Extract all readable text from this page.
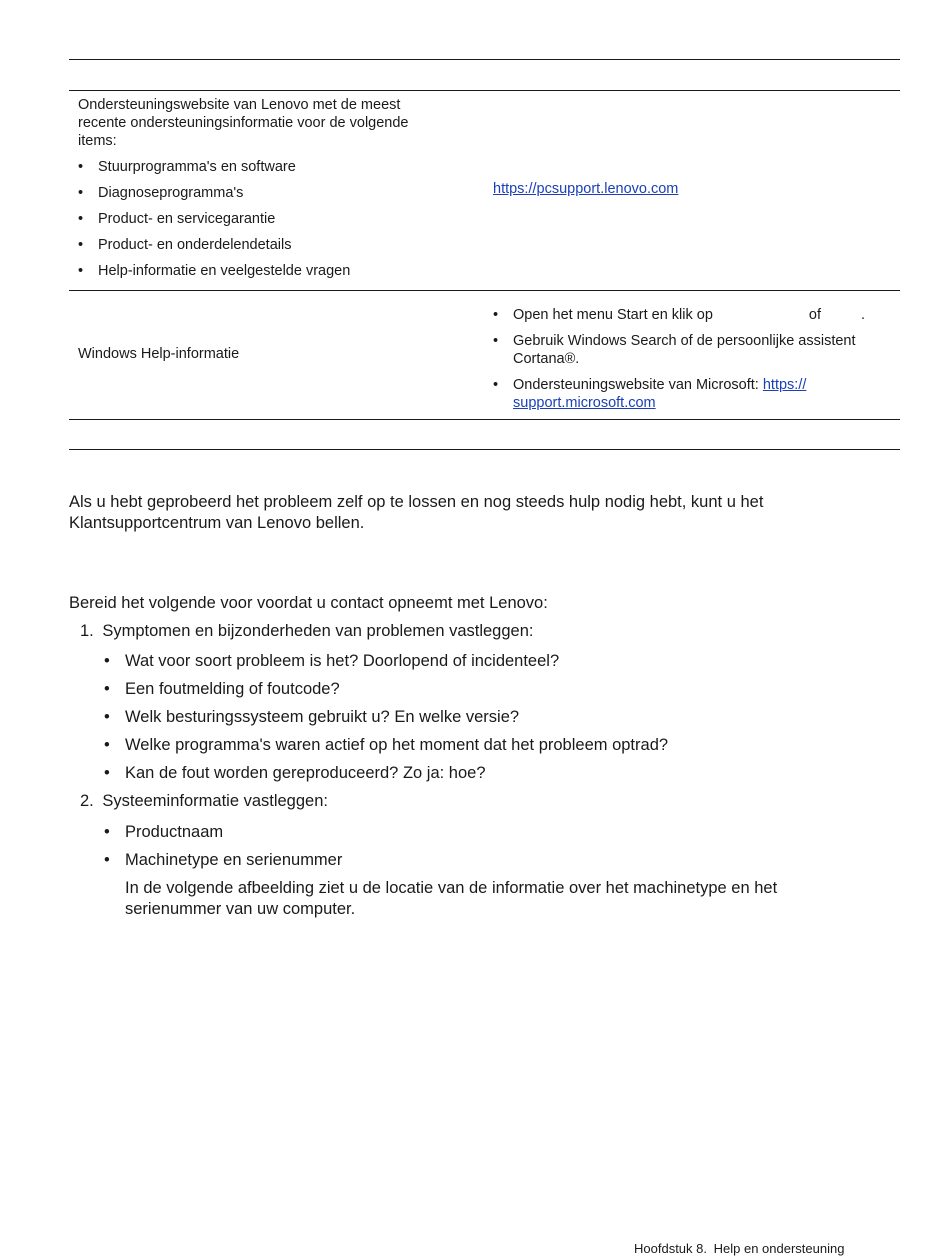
Ondersteuningswebsite van Lenovo met de meest recente ondersteuningsinformatie voor de volgende items:
• Stuurprogramma's en software
• Diagnoseprogramma's
• Product- en servicegarantie
• Product- en onderdelendetails
• Help-informatie en veelgestelde vragen
https://pcsupport.lenovo.com
Windows Help-informatie
• Open het menu Start en klik op	of	.
• Gebruik Windows Search of de persoonlijke assistent Cortana®.
• Ondersteuningswebsite van Microsoft: https://
support.microsoft.com
Als u hebt geprobeerd het probleem zelf op te lossen en nog steeds hulp nodig hebt, kunt u het Klantsupportcentrum van Lenovo bellen.
Bereid het volgende voor voordat u contact opneemt met Lenovo:
1. Symptomen en bijzonderheden van problemen vastleggen:
• Wat voor soort probleem is het? Doorlopend of incidenteel?
• Een foutmelding of foutcode?
• Welk besturingssysteem gebruikt u? En welke versie?
• Welke programma's waren actief op het moment dat het probleem optrad?
• Kan de fout worden gereproduceerd? Zo ja: hoe?
2. Systeeminformatie vastleggen:
• Productnaam
• Machinetype en serienummer
In de volgende afbeelding ziet u de locatie van de informatie over het machinetype en het serienummer van uw computer.
Hoofdstuk 8. Help en ondersteuning
